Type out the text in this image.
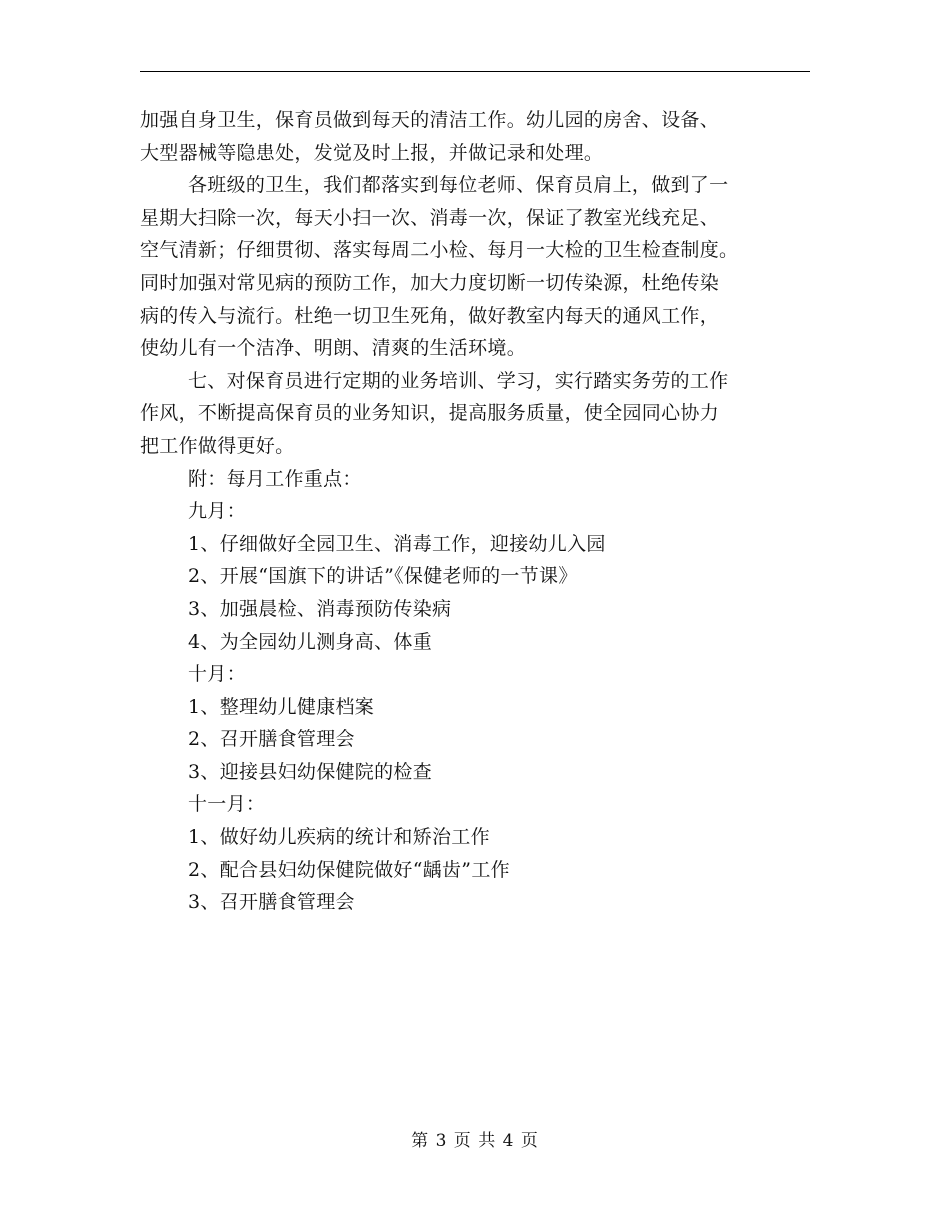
加强自身卫生，保育员做到每天的清洁工作。幼儿园的房舍、设备、
大型器械等隐患处，发觉及时上报，并做记录和处理。
各班级的卫生，我们都落实到每位老师、保育员肩上，做到了一
星期大扫除一次，每天小扫一次、消毒一次，保证了教室光线充足、
空气清新；仔细贯彻、落实每周二小检、每月一大检的卫生检查制度。
同时加强对常见病的预防工作，加大力度切断一切传染源，杜绝传染
病的传入与流行。杜绝一切卫生死角，做好教室内每天的通风工作，
使幼儿有一个洁净、明朗、清爽的生活环境。
七、对保育员进行定期的业务培训、学习，实行踏实务劳的工作
作风，不断提高保育员的业务知识，提高服务质量，使全园同心协力
把工作做得更好。
附：每月工作重点：
九月：
1、仔细做好全园卫生、消毒工作，迎接幼儿入园
2、开展“国旗下的讲话”《保健老师的一节课》
3、加强晨检、消毒预防传染病
4、为全园幼儿测身高、体重
十月：
1、整理幼儿健康档案
2、召开膳食管理会
3、迎接县妇幼保健院的检查
十一月：
1、做好幼儿疾病的统计和矫治工作
2、配合县妇幼保健院做好“龋齿”工作
3、召开膳食管理会
第 3 页 共 4 页
